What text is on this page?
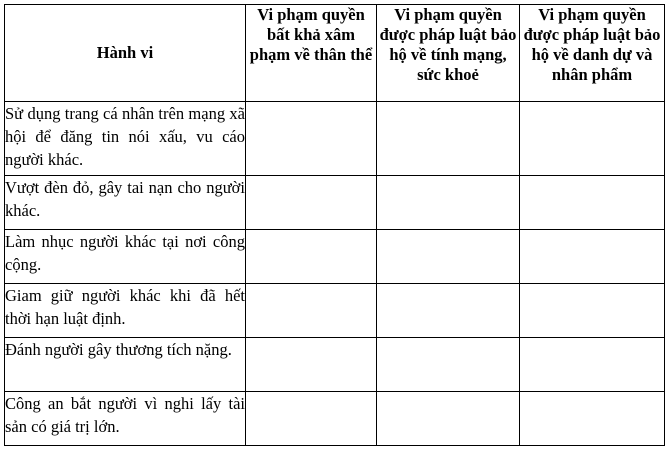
Hành vi	Vi phạm quyền bất khả xâm phạm về thân thể	Vi phạm quyền được pháp luật bảo hộ về tính mạng, sức khoẻ	Vi phạm quyền được pháp luật bảo hộ về danh dự và nhân phẩm
Sử dụng trang cá nhân trên mạng xã hội để đăng tin nói xấu, vu cáo người khác.			
Vượt đèn đỏ, gây tai nạn cho người khác.			
Làm nhục người khác tại nơi công cộng.			
Giam giữ người khác khi đã hết thời hạn luật định.			
Đánh người gây thương tích nặng.			
Công an bắt người vì nghi lấy tài sản có giá trị lớn.			
